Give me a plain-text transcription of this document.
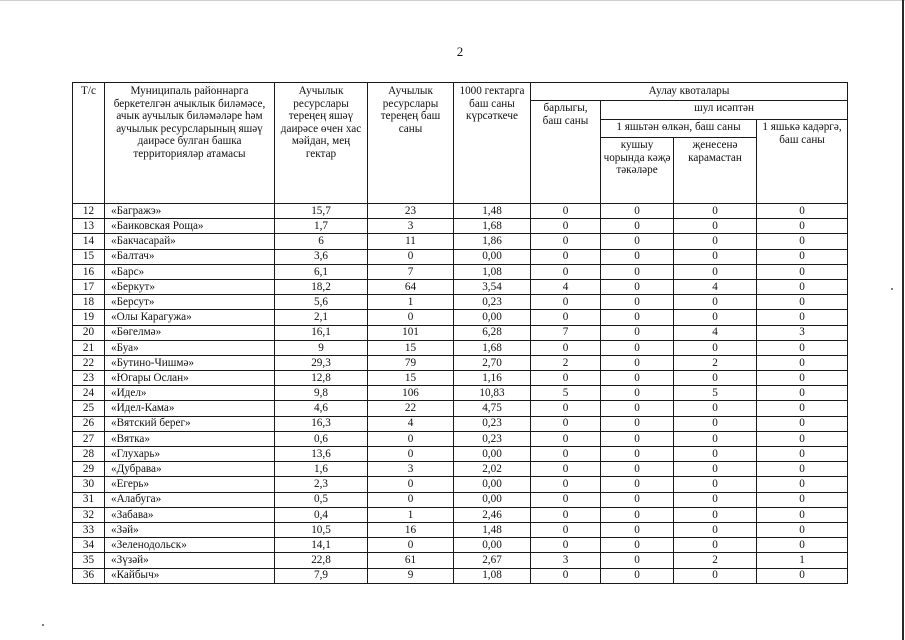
2
Т/с	Муниципаль районнарга беркетелгән ачыклык биләмәсе, ачык аучылык биләмәләре һәм аучылык ресурсларының яшәү даирәсе булган башка территорияләр атамасы	Аучылык ресурслары тереңең яшәү даирәсе өчен хас мәйдан, мең гектар	Аучылык ресурслары тереңең баш саны	1000 гектарга баш саны күрсәткече	Аулау квоталары			
					барлыгы, баш саны	шул исәптән		
						1 яшьтән өлкән, баш саны		1 яшькә кадәргә, баш саны
						кушыу чорында кәҗә тәкәләре	җенесенә карамастан	
12	«Багражэ»	15,7	23	1,48	0	0	0	0
13	«Баиковская Роща»	1,7	3	1,68	0	0	0	0
14	«Бакчасарай»	6	11	1,86	0	0	0	0
15	«Балтач»	3,6	0	0,00	0	0	0	0
16	«Барс»	6,1	7	1,08	0	0	0	0
17	«Беркут»	18,2	64	3,54	4	0	4	0
18	«Берсут»	5,6	1	0,23	0	0	0	0
19	«Олы Карагужа»	2,1	0	0,00	0	0	0	0
20	«Бөгелмә»	16,1	101	6,28	7	0	4	3
21	«Буа»	9	15	1,68	0	0	0	0
22	«Бутино-Чишмә»	29,3	79	2,70	2	0	2	0
23	«Югары Ослан»	12,8	15	1,16	0	0	0	0
24	«Идел»	9,8	106	10,83	5	0	5	0
25	«Идел-Кама»	4,6	22	4,75	0	0	0	0
26	«Вятский берег»	16,3	4	0,23	0	0	0	0
27	«Вятка»	0,6	0	0,23	0	0	0	0
28	«Глухарь»	13,6	0	0,00	0	0	0	0
29	«Дубрава»	1,6	3	2,02	0	0	0	0
30	«Егерь»	2,3	0	0,00	0	0	0	0
31	«Алабуга»	0,5	0	0,00	0	0	0	0
32	«Забава»	0,4	1	2,46	0	0	0	0
33	«Зәй»	10,5	16	1,48	0	0	0	0
34	«Зеленодольск»	14,1	0	0,00	0	0	0	0
35	«Зүзәй»	22,8	61	2,67	3	0	2	1
36	«Кайбыч»	7,9	9	1,08	0	0	0	0
